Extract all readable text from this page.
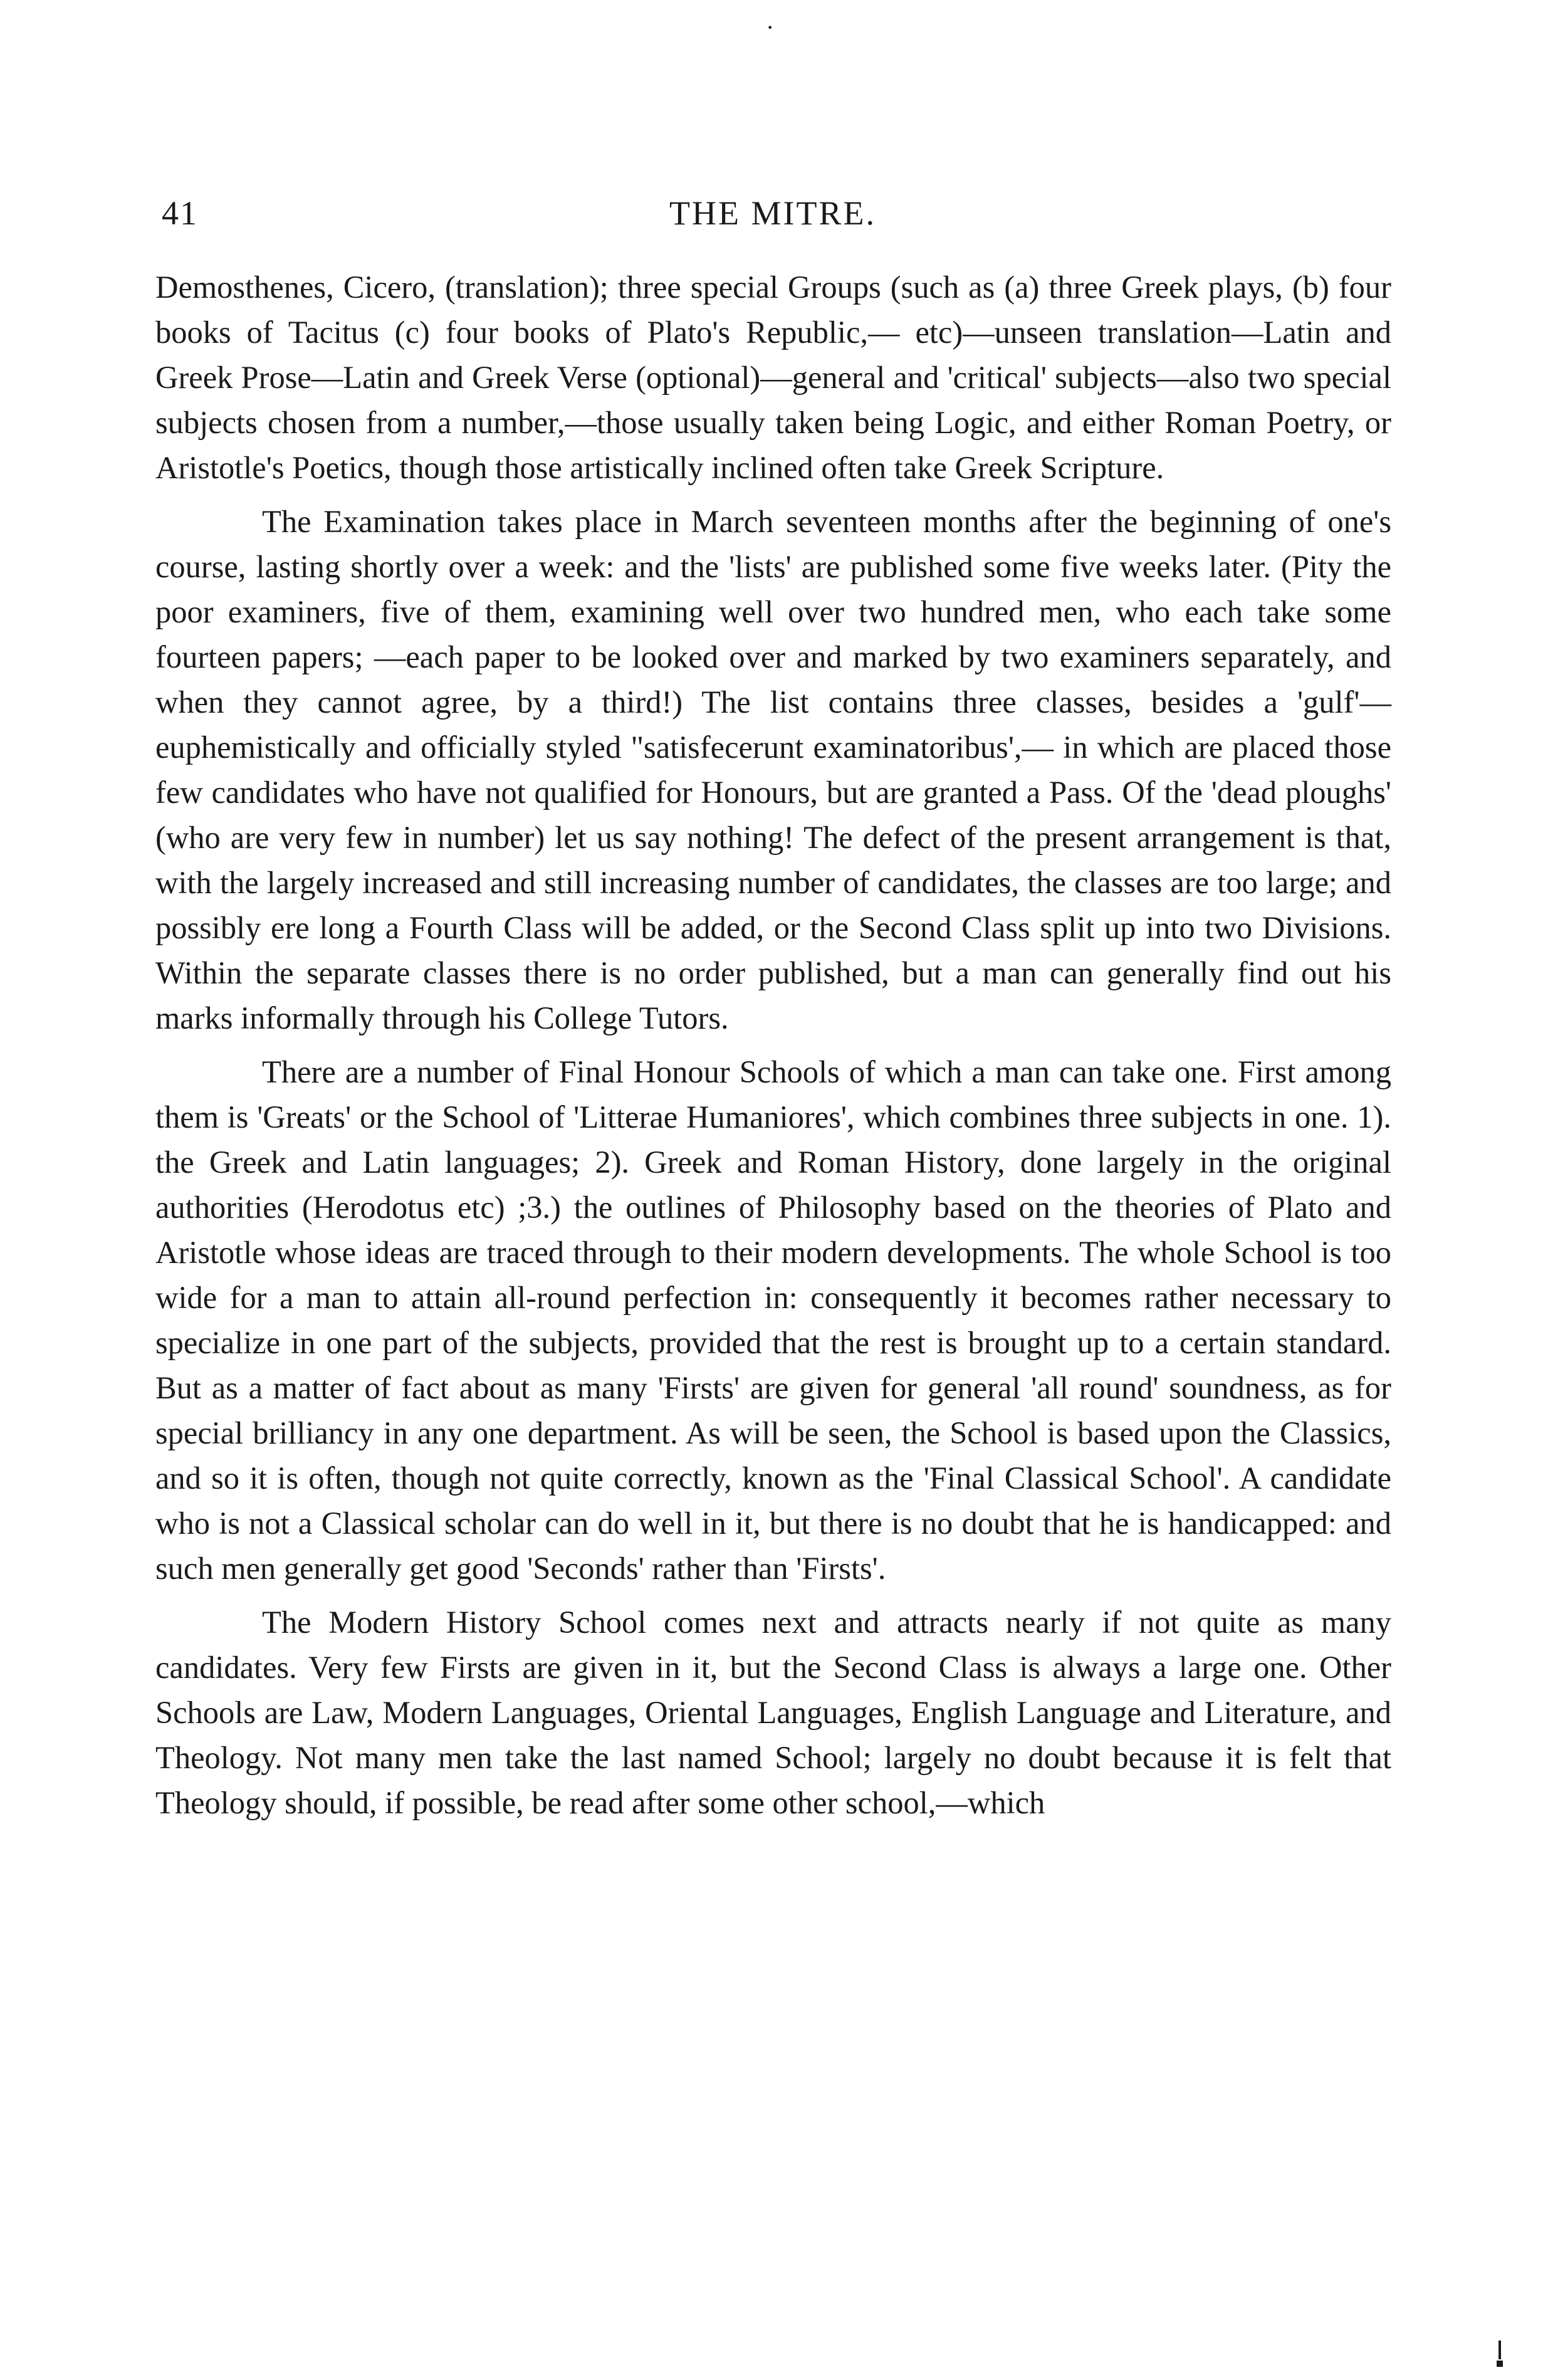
·
41	THE MITRE.

Demosthenes, Cicero, (translation); three special Groups (such as (a) three Greek plays, (b) four books of Tacitus (c) four books of Plato's Republic,— etc)—unseen translation—Latin and Greek Prose—Latin and Greek Verse (optional)—general and 'critical' subjects—also two special subjects chosen from a number,—those usually taken being Logic, and either Roman Poetry, or Aristotle's Poetics, though those artistically inclined often take Greek Scripture.

The Examination takes place in March seventeen months after the beginning of one's course, lasting shortly over a week: and the 'lists' are published some five weeks later. (Pity the poor examiners, five of them, examining well over two hundred men, who each take some fourteen papers; —each paper to be looked over and marked by two examiners separately, and when they cannot agree, by a third!) The list contains three classes, besides a 'gulf'—euphemistically and officially styled "satisfecerunt examinatoribus',— in which are placed those few candidates who have not qualified for Honours, but are granted a Pass. Of the 'dead ploughs' (who are very few in number) let us say nothing! The defect of the present arrangement is that, with the largely increased and still increasing number of candidates, the classes are too large; and possibly ere long a Fourth Class will be added, or the Second Class split up into two Divisions. Within the separate classes there is no order published, but a man can generally find out his marks informally through his College Tutors.

There are a number of Final Honour Schools of which a man can take one. First among them is 'Greats' or the School of 'Litterae Humaniores', which combines three subjects in one. 1). the Greek and Latin languages; 2). Greek and Roman History, done largely in the original authorities (Herodotus etc) ;3.) the outlines of Philosophy based on the theories of Plato and Aristotle whose ideas are traced through to their modern developments. The whole School is too wide for a man to attain all-round perfection in: consequently it becomes rather necessary to specialize in one part of the subjects, provided that the rest is brought up to a certain standard. But as a matter of fact about as many 'Firsts' are given for general 'all round' soundness, as for special brilliancy in any one department. As will be seen, the School is based upon the Classics, and so it is often, though not quite correctly, known as the 'Final Classical School'. A candidate who is not a Classical scholar can do well in it, but there is no doubt that he is handicapped: and such men generally get good 'Seconds' rather than 'Firsts'.

The Modern History School comes next and attracts nearly if not quite as many candidates. Very few Firsts are given in it, but the Second Class is always a large one. Other Schools are Law, Modern Languages, Oriental Languages, English Language and Literature, and Theology. Not many men take the last named School; largely no doubt because it is felt that Theology should, if possible, be read after some other school,—which
